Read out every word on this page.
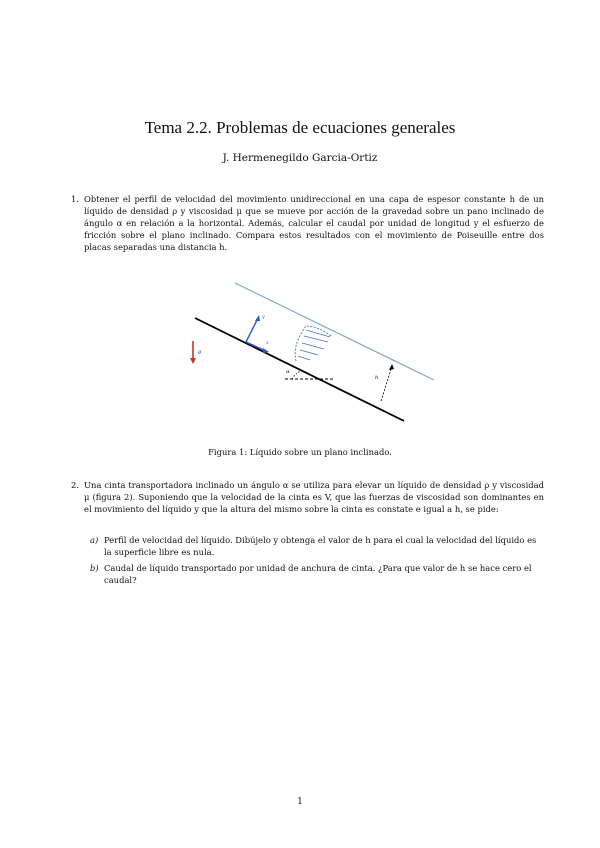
Tema 2.2. Problemas de ecuaciones generales
J. Hermenegildo Garcia-Ortiz
1. Obtener el perfil de velocidad del movimiento unidireccional en una capa de espesor constante h de un líquido de densidad ρ y viscosidad μ que se mueve por acción de la gravedad sobre un pano inclinado de ángulo α en relación a la horizontal. Además, calcular el caudal por unidad de longitud y el esfuerzo de fricción sobre el plano inclinado. Compara estos resultados con el movimiento de Poiseuille entre dos placas separadas una distancia h.
y
x
g
α
h
Figura 1: Líquido sobre un plano inclinado.
2. Una cinta transportadora inclinado un ángulo α se utiliza para elevar un líquido de densidad ρ y viscosidad μ (figura 2). Suponiendo que la velocidad de la cinta es V, que las fuerzas de viscosidad son dominantes en el movimiento del líquido y que la altura del mismo sobre la cinta es constate e igual a h, se pide:
a) Perfil de velocidad del líquido. Dibújelo y obtenga el valor de h para el cual la velocidad del líquido es la superficie libre es nula.
b) Caudal de líquido transportado por unidad de anchura de cinta. ¿Para que valor de h se hace cero el caudal?
1
